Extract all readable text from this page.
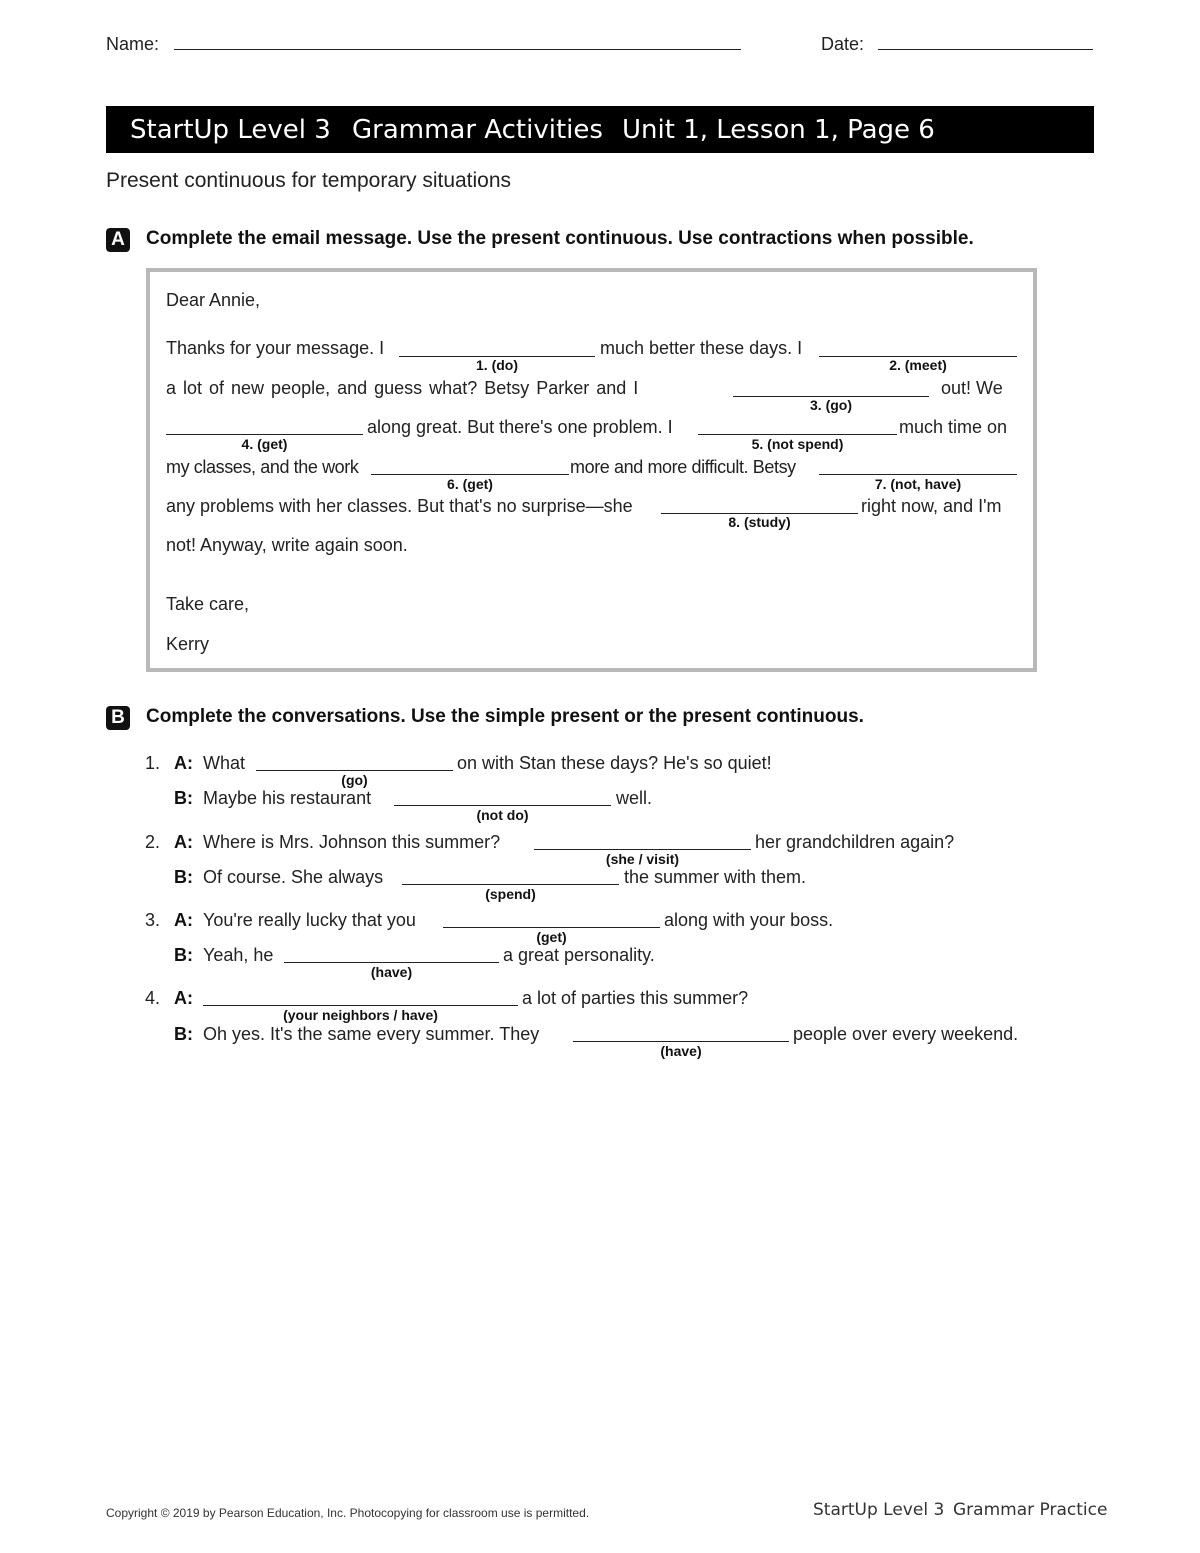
Name:	Date:
StartUp Level 3 Grammar Activities Unit 1, Lesson 1, Page 6
Present continuous for temporary situations
A Complete the email message. Use the present continuous. Use contractions when possible.
Dear Annie,
Thanks for your message. I
1. (do)
much better these days. I
2. (meet)
a lot of new people, and guess what? Betsy Parker and I
3. (go)
out! We
4. (get)
along great. But there's one problem. I
5. (not spend)
much time on
my classes, and the work
6. (get)
more and more difficult. Betsy
7. (not, have)
any problems with her classes. But that's no surprise—she
8. (study)
right now, and I'm
not! Anyway, write again soon.
Take care,
Kerry
B Complete the conversations. Use the simple present or the present continuous.
1. A: What
(go)
on with Stan these days? He's so quiet!
B: Maybe his restaurant
(not do)
well.
2. A: Where is Mrs. Johnson this summer?
(she / visit)
her grandchildren again?
B: Of course. She always
(spend)
the summer with them.
3. A: You're really lucky that you
(get)
along with your boss.
B: Yeah, he
(have)
a great personality.
4. A:
(your neighbors / have)
a lot of parties this summer?
B: Oh yes. It's the same every summer. They
(have)
people over every weekend.
Copyright © 2019 by Pearson Education, Inc. Photocopying for classroom use is permitted.	StartUp Level 3 Grammar Practice
